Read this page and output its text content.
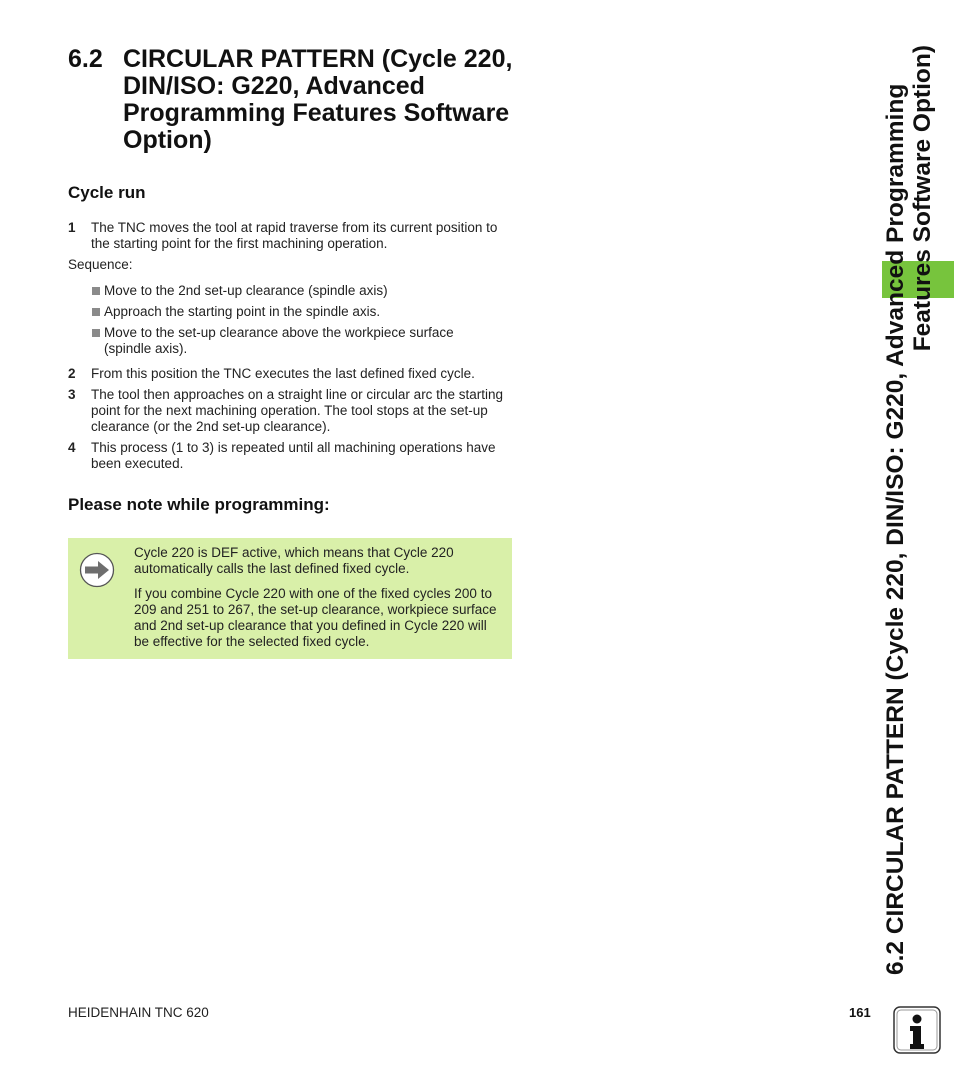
6.2 CIRCULAR PATTERN (Cycle 220, DIN/ISO: G220, Advanced Programming Features Software Option)
Cycle run
1 The TNC moves the tool at rapid traverse from its current position to the starting point for the first machining operation.
Sequence:
Move to the 2nd set-up clearance (spindle axis)
Approach the starting point in the spindle axis.
Move to the set-up clearance above the workpiece surface (spindle axis).
2 From this position the TNC executes the last defined fixed cycle.
3 The tool then approaches on a straight line or circular arc the starting point for the next machining operation. The tool stops at the set-up clearance (or the 2nd set-up clearance).
4 This process (1 to 3) is repeated until all machining operations have been executed.
Please note while programming:
Cycle 220 is DEF active, which means that Cycle 220 automatically calls the last defined fixed cycle.
If you combine Cycle 220 with one of the fixed cycles 200 to 209 and 251 to 267, the set-up clearance, workpiece surface and 2nd set-up clearance that you defined in Cycle 220 will be effective for the selected fixed cycle.	6.2 CIRCULAR PATTERN (Cycle 220, DIN/ISO: G220, Advanced Programming Features Software Option)
HEIDENHAIN TNC 620	161
